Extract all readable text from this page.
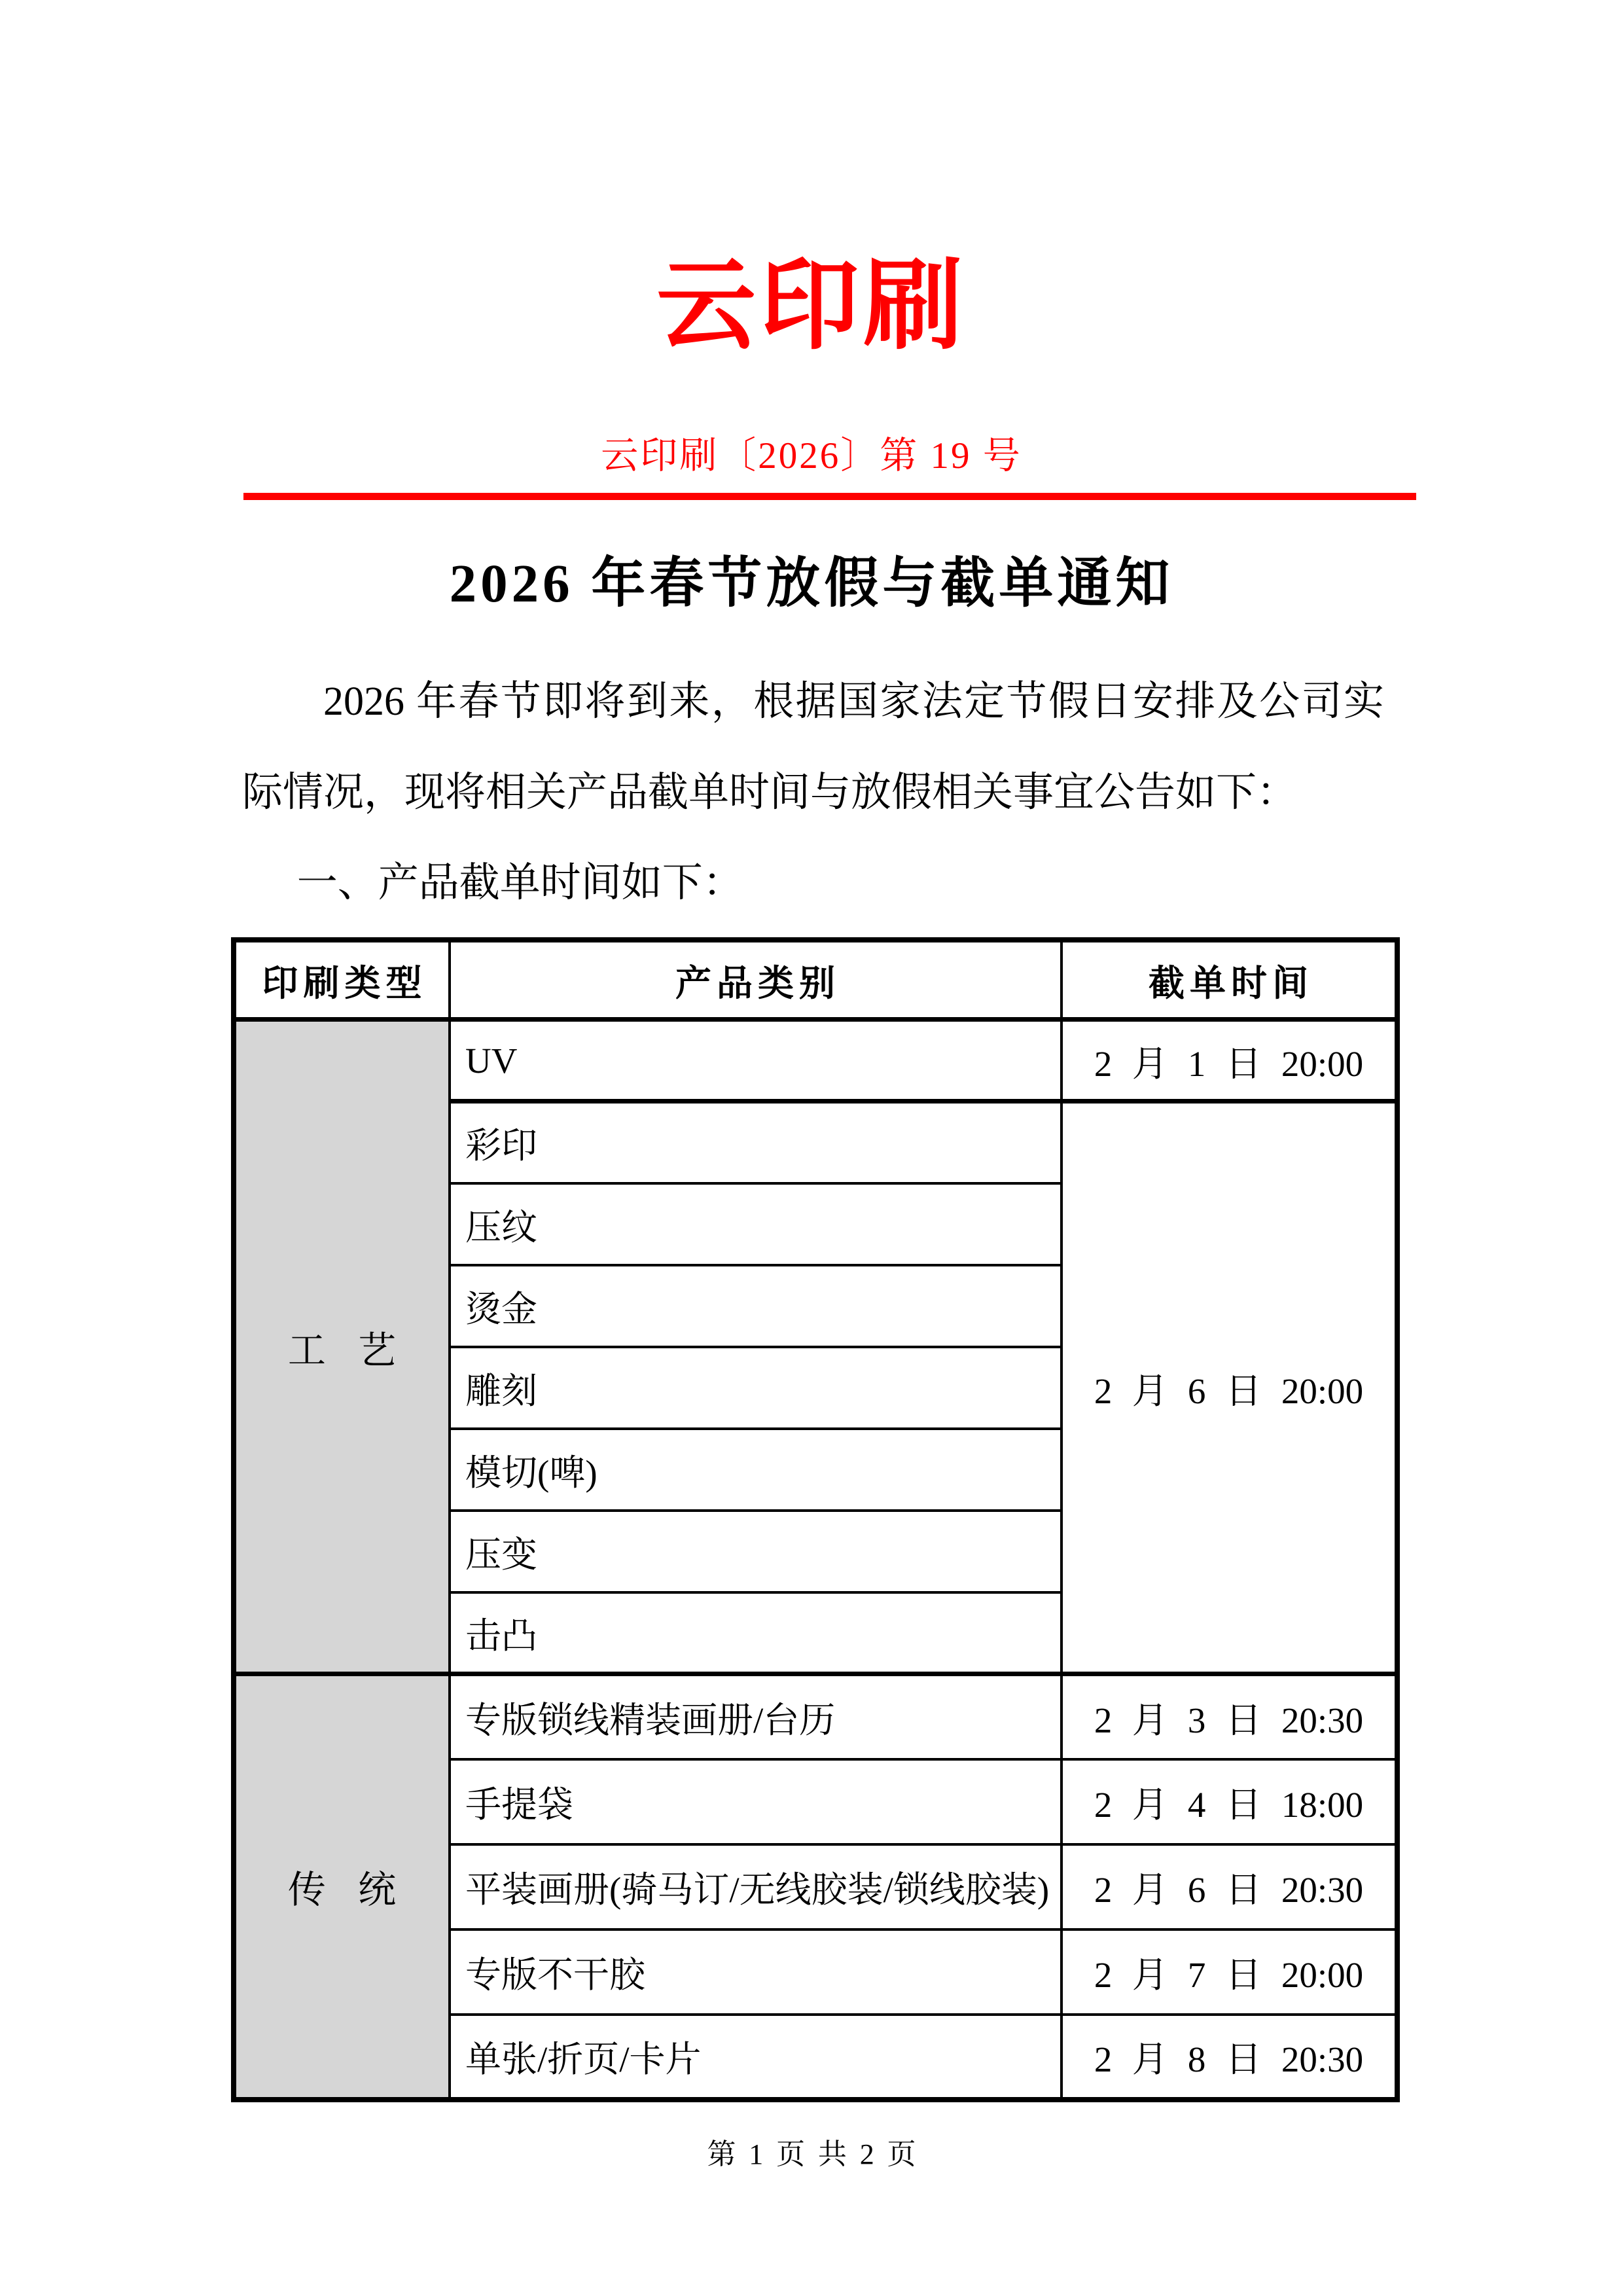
云印刷
云印刷〔2026〕第 19 号
2026 年春节放假与截单通知
2026 年春节即将到来，根据国家法定节假日安排及公司实际情况，现将相关产品截单时间与放假相关事宜公告如下：
一、产品截单时间如下：
印刷类型	产品类别	截单时间
工艺	UV	2 月 1 日 20:00
	彩印	2 月 6 日 20:00
	压纹	
	烫金	
	雕刻	
	模切(啤)	
	压变	
	击凸	
传统	专版锁线精装画册/台历	2 月 3 日 20:30
	手提袋	2 月 4 日 18:00
	平装画册(骑马订/无线胶装/锁线胶装)	2 月 6 日 20:30
	专版不干胶	2 月 7 日 20:00
	单张/折页/卡片	2 月 8 日 20:30
第 1 页 共 2 页
